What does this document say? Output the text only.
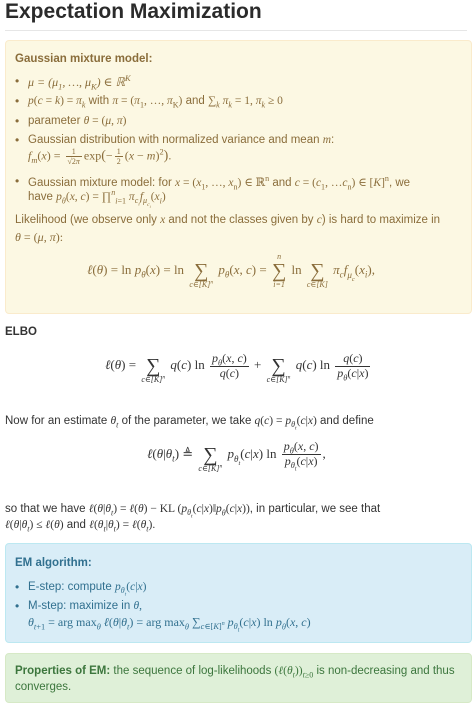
Expectation Maximization
Gaussian mixture model:
• $\mu = (\mu_1$, …, $\mu_K$) ∈ ℝ$^K$
• $p(c = k) = \pi_k$ with $\pi = (\pi_1$, …, $\pi_K$) and $\sum_k$ $\pi_k = 1$, $\pi_k \ge 0$
• parameter θ = (μ, π)
• Gaussian distribution with normalized variance and mean m:
$f_m(x) = \frac{1}{√2\pi} \exp(- \frac{1}{2} (x - m)^2)$.
• Gaussian mixture model: for $x = (x_1$, …, $x_n$) ∈ ℝ$^n$ and $c = (c_1$, $\dots c_n$) ∈ $[K]^n$, we
have $p_\theta(x$, c) = ∏$^n_{i=1}$ $\pi_{c_i}f_{\mu_{c_i}}(x_i)$
Likelihood (we observe only x and not the classes given by c) is hard to maximize in
θ = (μ, π):
ℓ(θ) = $\ln p_\theta(x) = \ln$
∑
$c\in[K]^n$
$p_\theta(x$, c) =
n
∑
i=1
ln
∑
c∈[K]
$\pi_cf_{\mu_c}(x_i)$,
ELBO
ℓ(θ) =
∑
$c\in[K]^n$
q(c) $\ln \frac{p_\theta(x, c)}{q(c)}$ +
∑
$c\in[K]^n$
q(c) $\ln \frac{q(c)}{p_\theta(c|x)}$
Now for an estimate $\theta_t$ of the parameter, we take $q(c) = p_{\theta_t}(c|x)$ and define
$\ell(\theta|\theta_t)$ ≜
∑
$c\in[K]^n$
$p_{\theta_t}(c|x)$ $\ln \frac{p_\theta(x, c)}{p_{\theta_t}(c|x)}$ ,
so that we have $\ell(\theta|\theta_t)$ = ℓ(θ) − KL $(p_{\theta_t}(c|x)‖p_\theta(c|x))$, in particular, we see that
$\ell(\theta|\theta_t)$ ≤ ℓ(θ) and $\ell(\theta_t|\theta_t)$ = $\ell(\theta_t)$.
EM algorithm:
• E-step: compute $p_{\theta_t}(c|x)$
• M-step: maximize in θ,
$\theta_{t+1}$ = arg $\max_\theta$ $\ell(\theta|\theta_t)$ = arg $\max_\theta \sum_{c\in[K]^n}$ $p_{\theta_t}(c|x)$ $\ln p_\theta(x$, c)
Properties of EM: the sequence of log-likelihoods $(\ell(\theta_t))_{t\ge 0}$ is non-decreasing and thus
converges.
